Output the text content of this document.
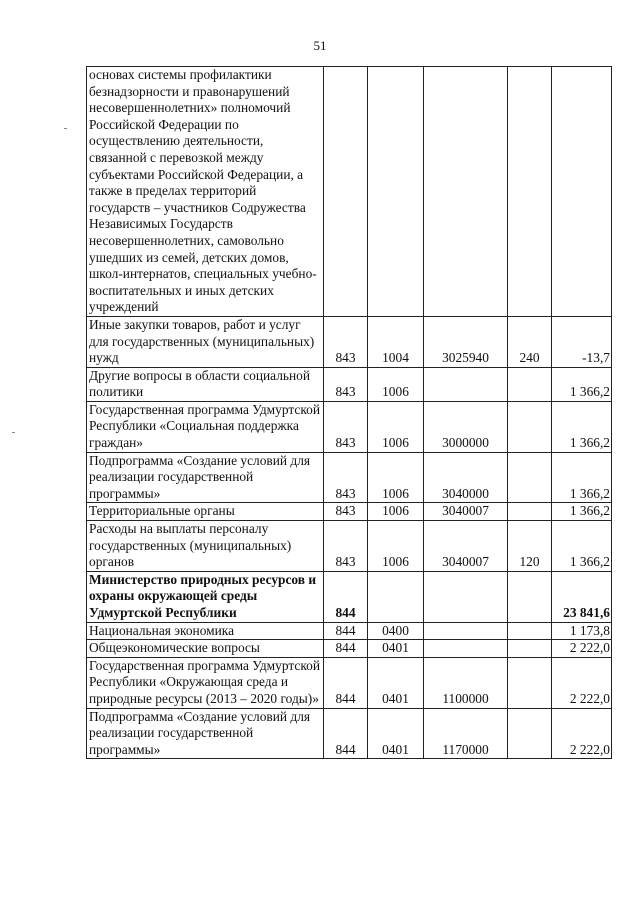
51
основах системы профилактики безнадзорности и правонарушений несовершеннолетних» полномочий Российской Федерации по осуществлению деятельности, связанной с перевозкой между субъектами Российской Федерации, а также в пределах территорий государств – участников Содружества Независимых Государств несовершеннолетних, самовольно ушедших из семей, детских домов, школ-интернатов, специальных учебно-воспитательных и иных детских учреждений					
Иные закупки товаров, работ и услуг для государственных (муниципальных) нужд	843	1004	3025940	240	-13,7
Другие вопросы в области социальной политики	843	1006			1 366,2
Государственная программа Удмуртской Республики «Социальная поддержка граждан»	843	1006	3000000		1 366,2
Подпрограмма «Создание условий для реализации государственной программы»	843	1006	3040000		1 366,2
Территориальные органы	843	1006	3040007		1 366,2
Расходы на выплаты персоналу государственных (муниципальных) органов	843	1006	3040007	120	1 366,2
Министерство природных ресурсов и охраны окружающей среды Удмуртской Республики	844				23 841,6
Национальная экономика	844	0400			1 173,8
Общеэкономические вопросы	844	0401			2 222,0
Государственная программа Удмуртской Республики «Окружающая среда и природные ресурсы (2013 – 2020 годы)»	844	0401	1100000		2 222,0
Подпрограмма «Создание условий для реализации государственной программы»	844	0401	1170000		2 222,0
